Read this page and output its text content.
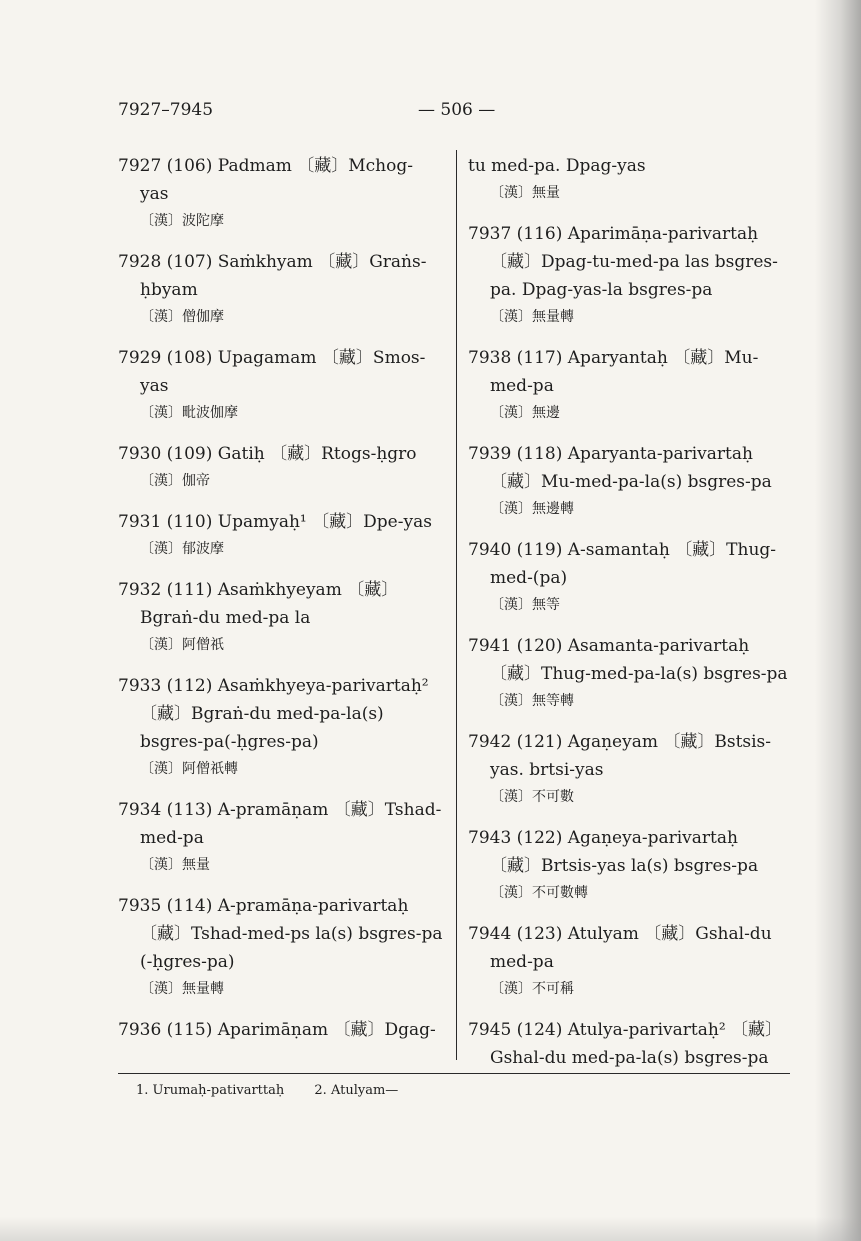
7927–7945	— 506 —
7927 (106) Padmam 〔藏〕Mchog-
yas
〔漢〕波陀摩
7928 (107) Saṁkhyam 〔藏〕Graṅs-
ḥbyam
〔漢〕僧伽摩
7929 (108) Upagamam 〔藏〕Smos-
yas
〔漢〕毗波伽摩
7930 (109) Gatiḥ 〔藏〕Rtogs-ḥgro
〔漢〕伽帝
7931 (110) Upamyaḥ¹ 〔藏〕Dpe-yas
〔漢〕郁波摩
7932 (111) Asaṁkhyeyam 〔藏〕
Bgraṅ-du med-pa la
〔漢〕阿僧祇
7933 (112) Asaṁkhyeya-parivartaḥ²
〔藏〕Bgraṅ-du med-pa-la(s)
bsgres-pa(-ḥgres-pa)
〔漢〕阿僧祇轉
7934 (113) A-pramāṇam 〔藏〕Tshad-
med-pa
〔漢〕無量
7935 (114) A-pramāṇa-parivartaḥ
〔藏〕Tshad-med-ps la(s) bsgres-pa
(-ḥgres-pa)
〔漢〕無量轉
7936 (115) Aparimāṇam 〔藏〕Dgag-
tu med-pa. Dpag-yas
〔漢〕無量
7937 (116) Aparimāṇa-parivartaḥ
〔藏〕Dpag-tu-med-pa las bsgres-
pa. Dpag-yas-la bsgres-pa
〔漢〕無量轉
7938 (117) Aparyantaḥ 〔藏〕Mu-
med-pa
〔漢〕無邊
7939 (118) Aparyanta-parivartaḥ
〔藏〕Mu-med-pa-la(s) bsgres-pa
〔漢〕無邊轉
7940 (119) A-samantaḥ 〔藏〕Thug-
med-(pa)
〔漢〕無等
7941 (120) Asamanta-parivartaḥ
〔藏〕Thug-med-pa-la(s) bsgres-pa
〔漢〕無等轉
7942 (121) Agaṇeyam 〔藏〕Bstsis-
yas. brtsi-yas
〔漢〕不可數
7943 (122) Agaṇeya-parivartaḥ
〔藏〕Brtsis-yas la(s) bsgres-pa
〔漢〕不可數轉
7944 (123) Atulyam 〔藏〕Gshal-du
med-pa
〔漢〕不可稱
7945 (124) Atulya-parivartaḥ² 〔藏〕
Gshal-du med-pa-la(s) bsgres-pa
1. Urumaḥ-pativarttaḥ 2. Atulyam—
